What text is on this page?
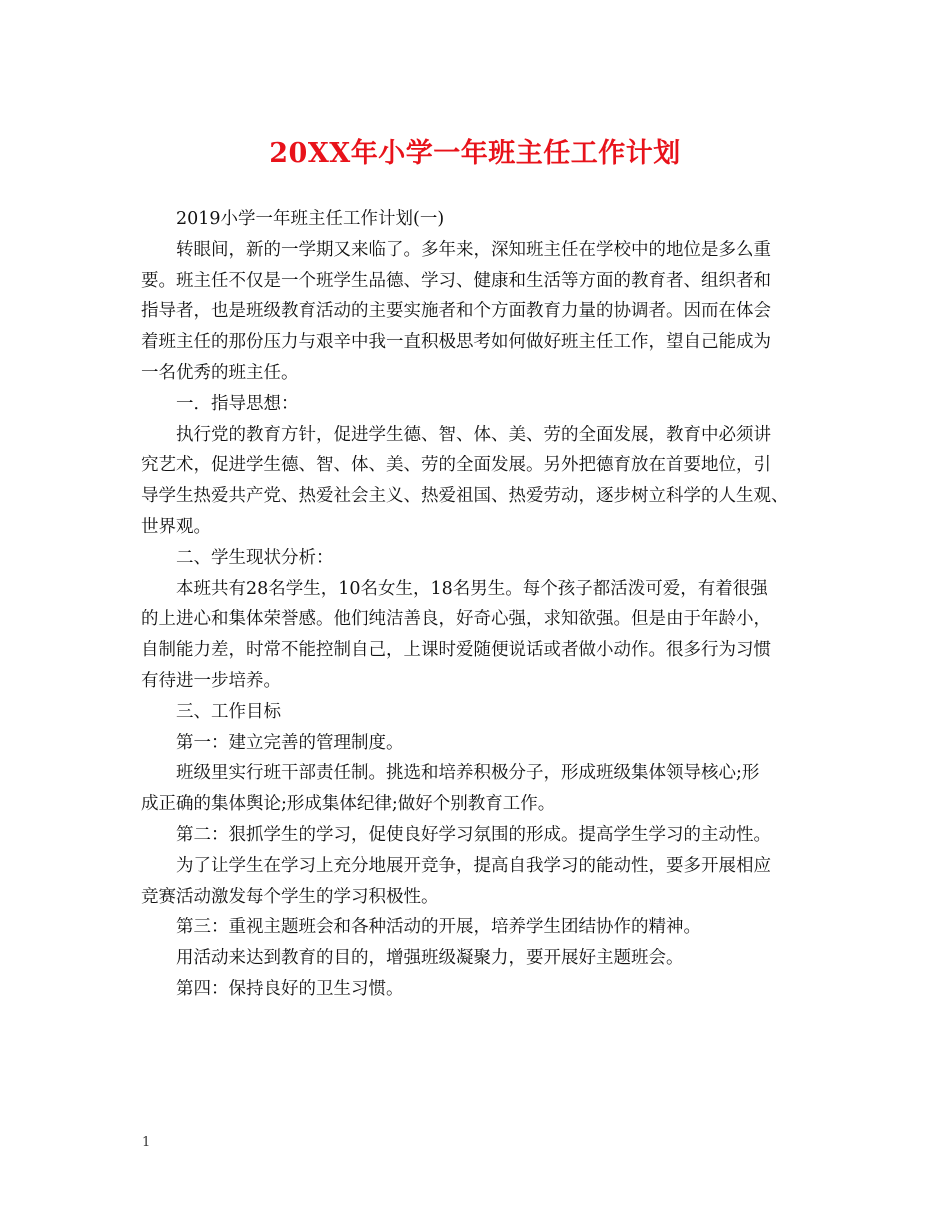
20XX年小学一年班主任工作计划

2019小学一年班主任工作计划(一)

转眼间，新的一学期又来临了。多年来，深知班主任在学校中的地位是多么重

要。班主任不仅是一个班学生品德、学习、健康和生活等方面的教育者、组织者和

指导者，也是班级教育活动的主要实施者和个方面教育力量的协调者。因而在体会

着班主任的那份压力与艰辛中我一直积极思考如何做好班主任工作，望自己能成为

一名优秀的班主任。

一．指导思想：

执行党的教育方针，促进学生德、智、体、美、劳的全面发展，教育中必须讲

究艺术，促进学生德、智、体、美、劳的全面发展。另外把德育放在首要地位，引

导学生热爱共产党、热爱社会主义、热爱祖国、热爱劳动，逐步树立科学的人生观、

世界观。

二、学生现状分析：

本班共有28名学生，10名女生，18名男生。每个孩子都活泼可爱，有着很强

的上进心和集体荣誉感。他们纯洁善良，好奇心强，求知欲强。但是由于年龄小，

自制能力差，时常不能控制自己，上课时爱随便说话或者做小动作。很多行为习惯

有待进一步培养。

三、工作目标

第一：建立完善的管理制度。

班级里实行班干部责任制。挑选和培养积极分子，形成班级集体领导核心;形

成正确的集体舆论;形成集体纪律;做好个别教育工作。

第二：狠抓学生的学习，促使良好学习氛围的形成。提高学生学习的主动性。

为了让学生在学习上充分地展开竞争，提高自我学习的能动性，要多开展相应

竞赛活动激发每个学生的学习积极性。

第三：重视主题班会和各种活动的开展，培养学生团结协作的精神。

用活动来达到教育的目的，增强班级凝聚力，要开展好主题班会。

第四：保持良好的卫生习惯。

1
